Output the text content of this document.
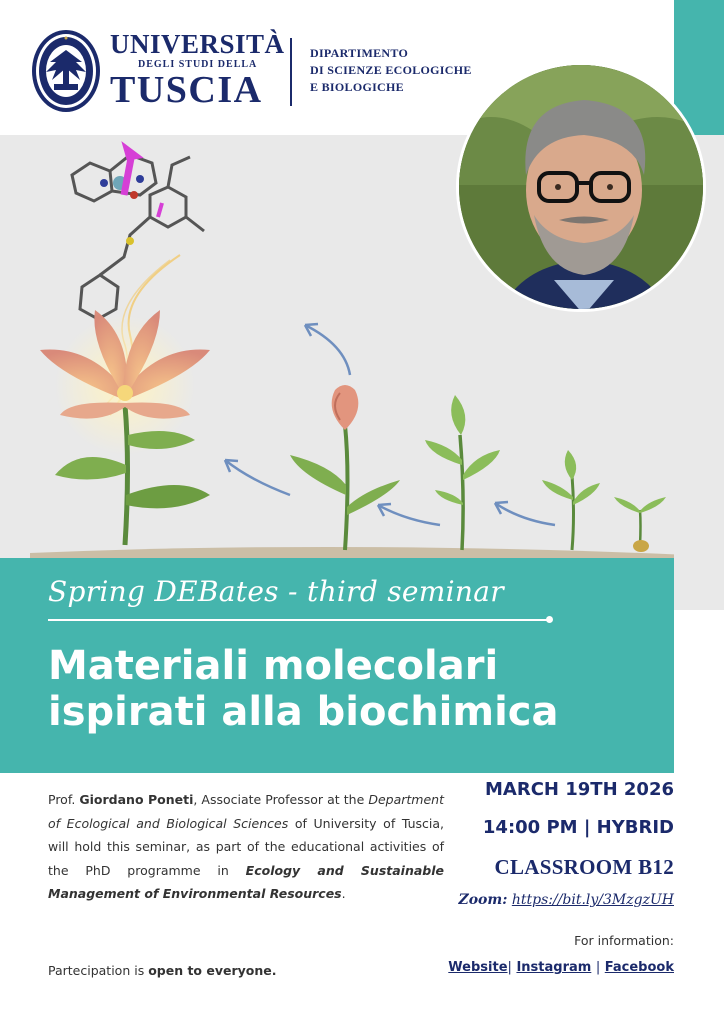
UNIVERSITÀ
DEGLI STUDI DELLA
TUSCIA
DIPARTIMENTO
DI SCIENZE ECOLOGICHE
E BIOLOGICHE
Spring DEBates - third seminar
Materiali molecolari
ispirati alla biochimica
Prof. Giordano Poneti, Associate Professor at the Department of Ecological and Biological Sciences of University of Tuscia, will hold this seminar, as part of the educational activities of the PhD programme in Ecology and Sustainable Management of Environmental Resources.
Partecipation is open to everyone.
MARCH 19TH 2026
14:00 PM | HYBRID
CLASSROOM B12
Zoom: https://bit.ly/3MzgzUH
For information:
Website| Instagram | Facebook
